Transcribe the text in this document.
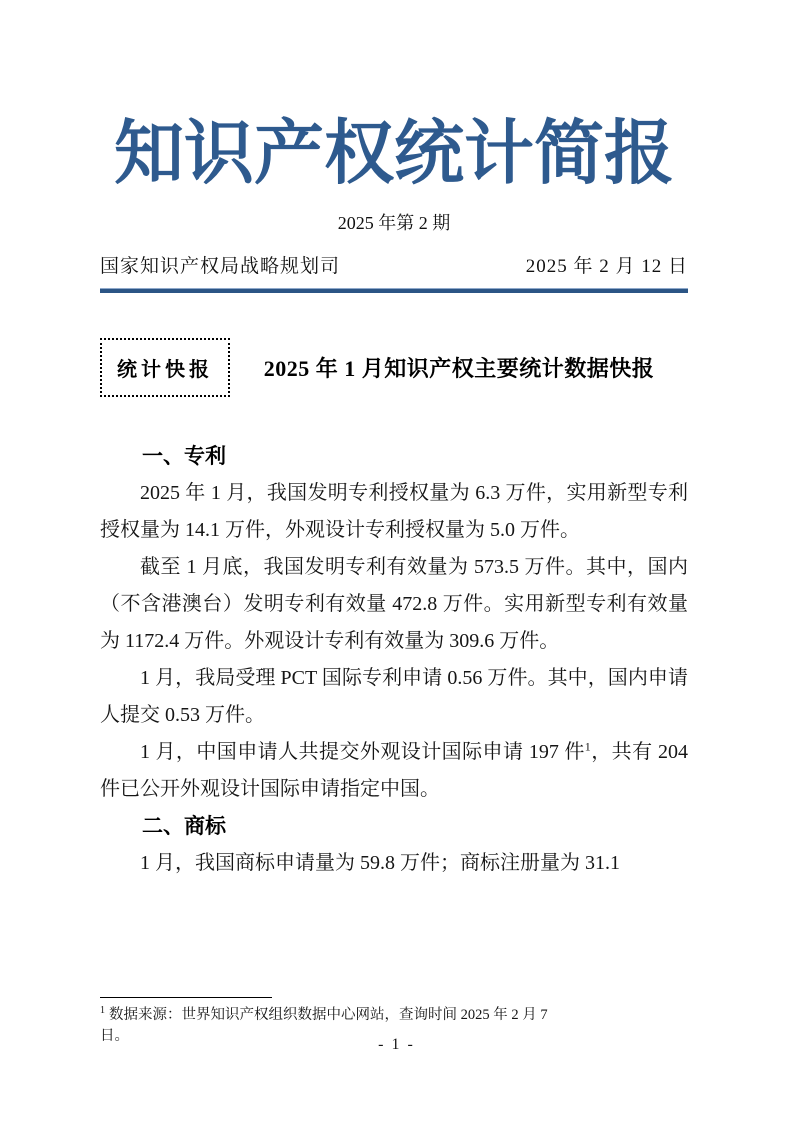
知识产权统计简报
2025 年第 2 期
国家知识产权局战略规划司	2025 年 2 月 12 日
统计快报	2025 年 1 月知识产权主要统计数据快报
一、专利

2025 年 1 月，我国发明专利授权量为 6.3 万件，实用新型专利授权量为 14.1 万件，外观设计专利授权量为 5.0 万件。

截至 1 月底，我国发明专利有效量为 573.5 万件。其中，国内（不含港澳台）发明专利有效量 472.8 万件。实用新型专利有效量为 1172.4 万件。外观设计专利有效量为 309.6 万件。

1 月，我局受理 PCT 国际专利申请 0.56 万件。其中，国内申请人提交 0.53 万件。

1 月，中国申请人共提交外观设计国际申请 197 件$^1$，共有 204 件已公开外观设计国际申请指定中国。

二、商标

1 月，我国商标申请量为 59.8 万件；商标注册量为 31.1

$^1$ 数据来源：世界知识产权组织数据中心网站，查询时间 2025 年 2 月 7 日。	- 1 -
